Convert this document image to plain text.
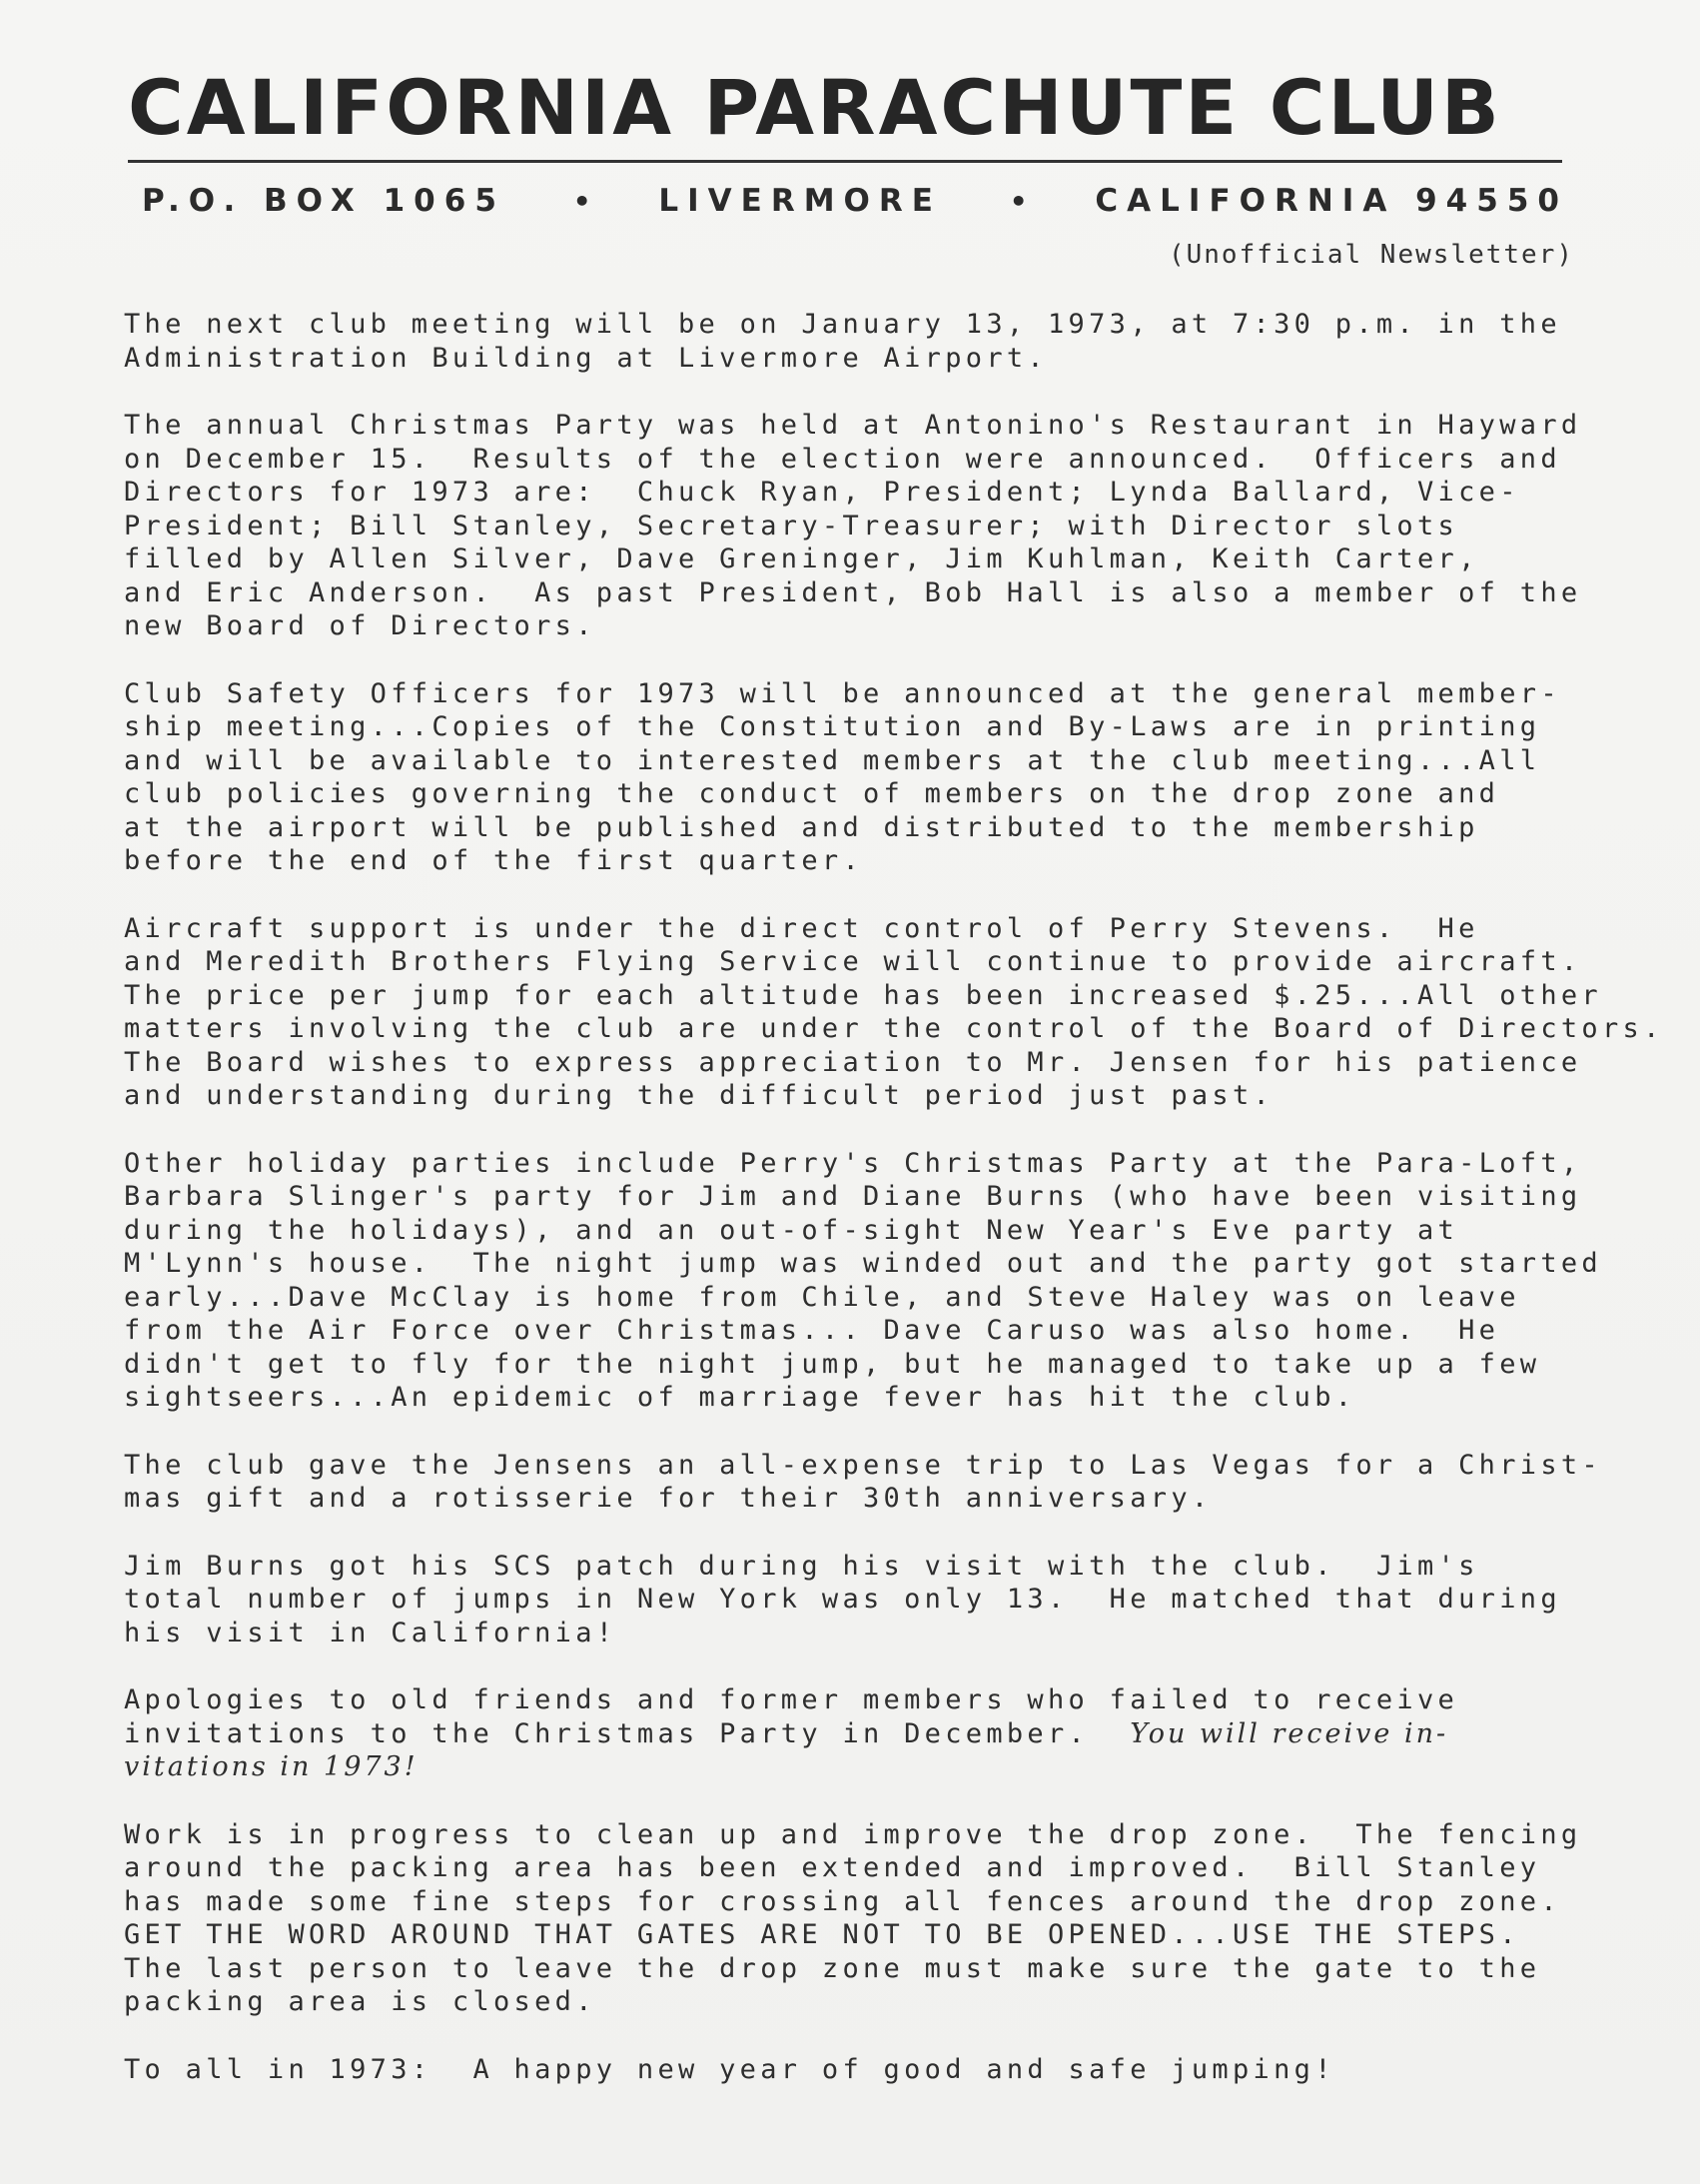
CALIFORNIA PARACHUTE CLUB
P.O. BOX 1065 • LIVERMORE • CALIFORNIA 94550
(Unofficial Newsletter)
The next club meeting will be on January 13, 1973, at 7:30 p.m. in the
Administration Building at Livermore Airport.
The annual Christmas Party was held at Antonino's Restaurant in Hayward
on December 15.  Results of the election were announced.  Officers and
Directors for 1973 are:  Chuck Ryan, President; Lynda Ballard, Vice-
President; Bill Stanley, Secretary-Treasurer; with Director slots
filled by Allen Silver, Dave Greninger, Jim Kuhlman, Keith Carter,
and Eric Anderson.  As past President, Bob Hall is also a member of the
new Board of Directors.
Club Safety Officers for 1973 will be announced at the general member-
ship meeting...Copies of the Constitution and By-Laws are in printing
and will be available to interested members at the club meeting...All
club policies governing the conduct of members on the drop zone and
at the airport will be published and distributed to the membership
before the end of the first quarter.
Aircraft support is under the direct control of Perry Stevens.  He
and Meredith Brothers Flying Service will continue to provide aircraft.
The price per jump for each altitude has been increased $.25...All other
matters involving the club are under the control of the Board of Directors.
The Board wishes to express appreciation to Mr. Jensen for his patience
and understanding during the difficult period just past.
Other holiday parties include Perry's Christmas Party at the Para-Loft,
Barbara Slinger's party for Jim and Diane Burns (who have been visiting
during the holidays), and an out-of-sight New Year's Eve party at
M'Lynn's house.  The night jump was winded out and the party got started
early...Dave McClay is home from Chile, and Steve Haley was on leave
from the Air Force over Christmas... Dave Caruso was also home.  He
didn't get to fly for the night jump, but he managed to take up a few
sightseers...An epidemic of marriage fever has hit the club.
The club gave the Jensens an all-expense trip to Las Vegas for a Christ-
mas gift and a rotisserie for their 30th anniversary.
Jim Burns got his SCS patch during his visit with the club.  Jim's
total number of jumps in New York was only 13.  He matched that during
his visit in California!
Apologies to old friends and former members who failed to receive
invitations to the Christmas Party in December.  You will receive in-
vitations in 1973!
Work is in progress to clean up and improve the drop zone.  The fencing
around the packing area has been extended and improved.  Bill Stanley
has made some fine steps for crossing all fences around the drop zone.
GET THE WORD AROUND THAT GATES ARE NOT TO BE OPENED...USE THE STEPS.
The last person to leave the drop zone must make sure the gate to the
packing area is closed.
To all in 1973:  A happy new year of good and safe jumping!
